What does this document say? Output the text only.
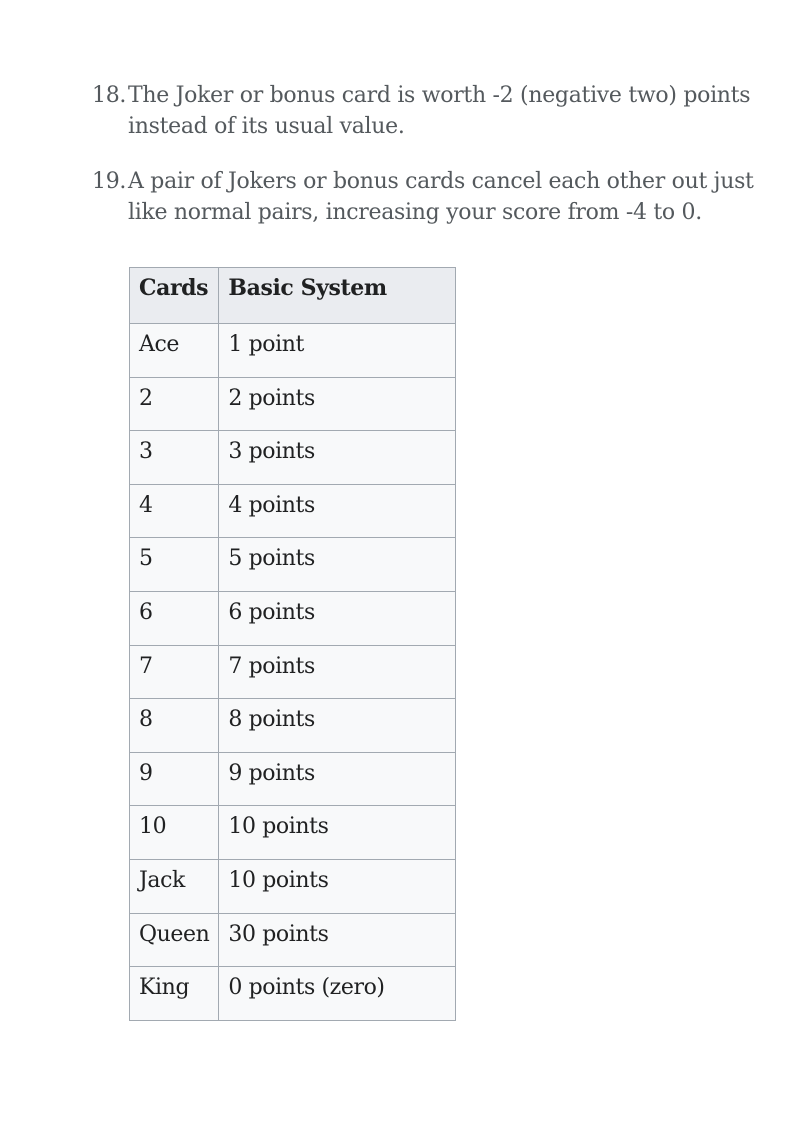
18. The Joker or bonus card is worth -2 (negative two) points instead of its usual value.
19. A pair of Jokers or bonus cards cancel each other out just like normal pairs, increasing your score from -4 to 0.
Cards	Basic System
Ace	1 point
2	2 points
3	3 points
4	4 points
5	5 points
6	6 points
7	7 points
8	8 points
9	9 points
10	10 points
Jack	10 points
Queen	30 points
King	0 points (zero)
